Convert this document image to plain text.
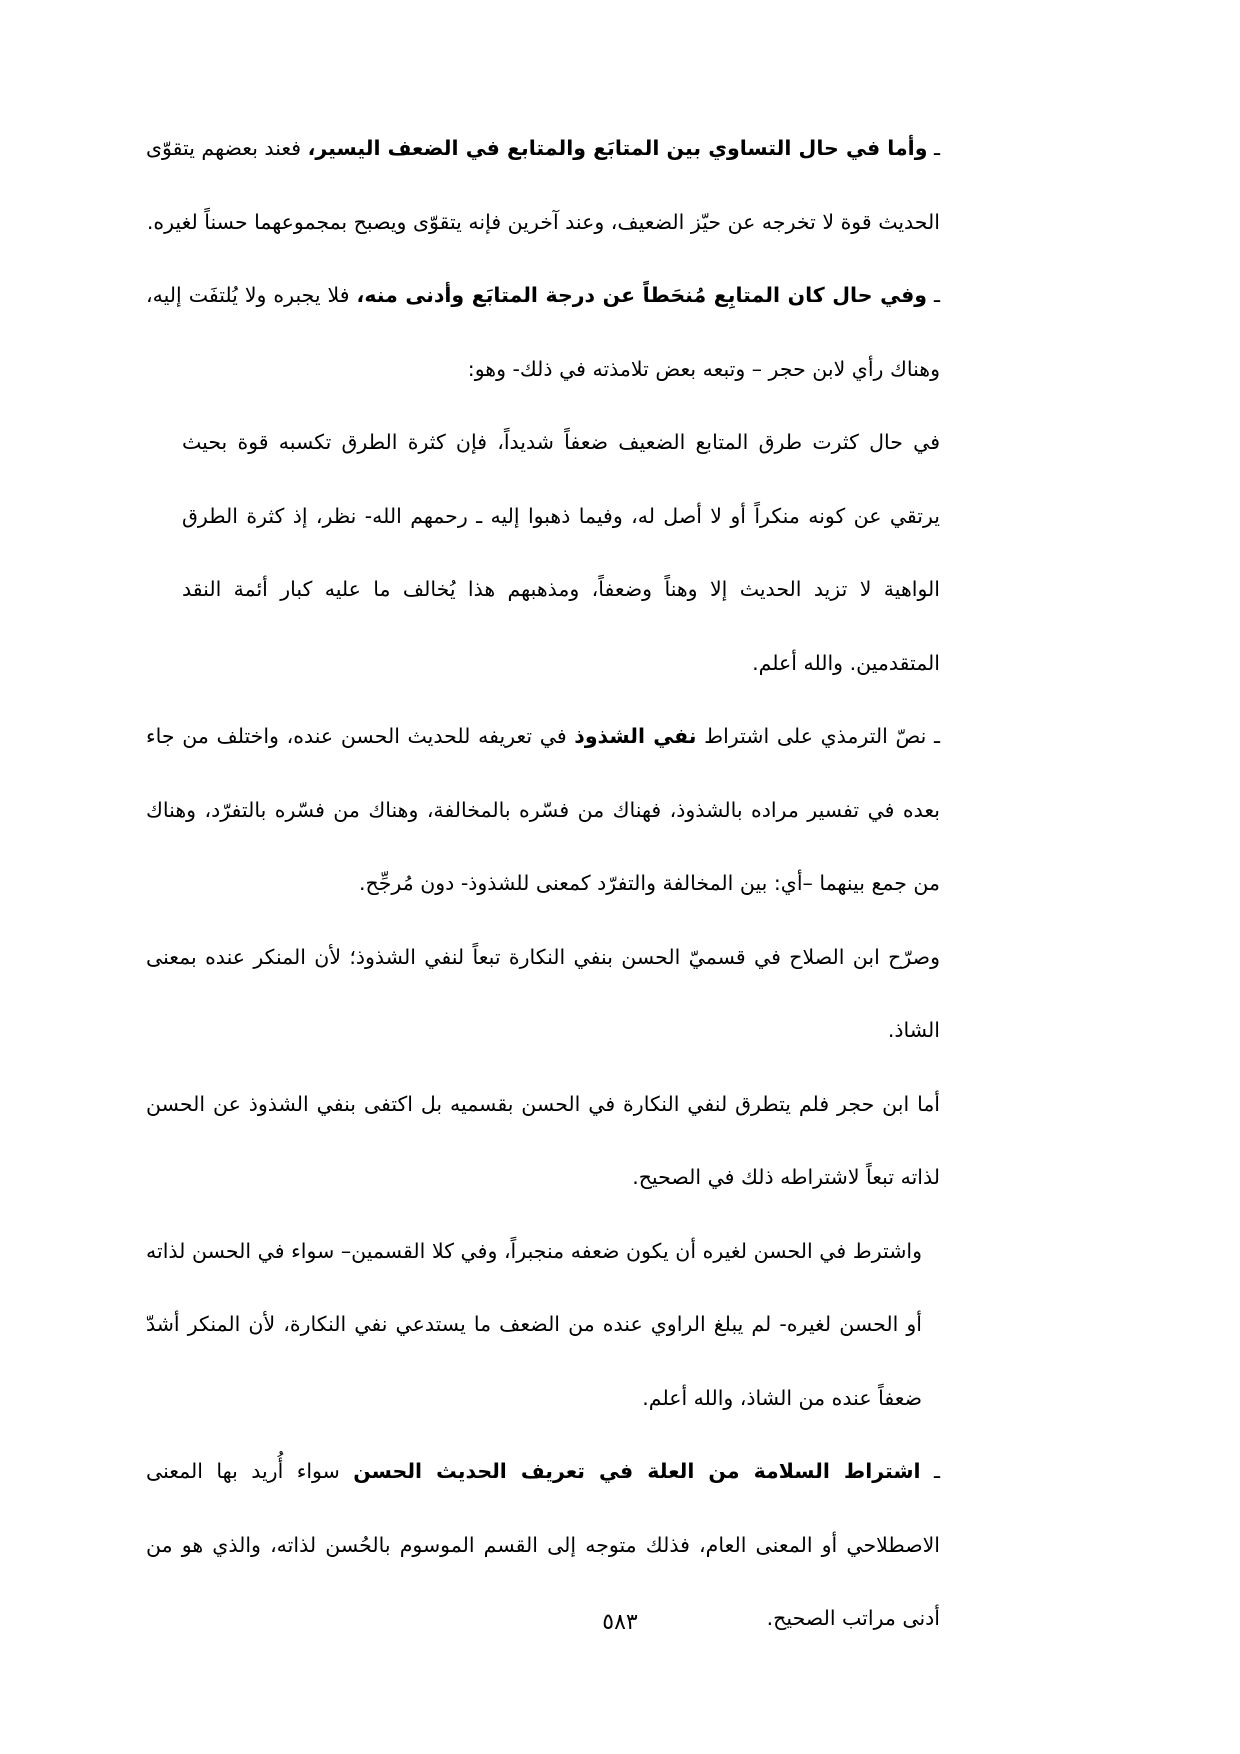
ـ وأما في حال التساوي بين المتابَع والمتابع في الضعف اليسير، فعند بعضهم يتقوّى الحديث قوة لا تخرجه عن حيّز الضعيف، وعند آخرين فإنه يتقوّى ويصبح بمجموعهما حسناً لغيره.

ـ وفي حال كان المتابِع مُنحَطاً عن درجة المتابَع وأدنى منه، فلا يجبره ولا يُلتفَت إليه، وهناك رأي لابن حجر – وتبعه بعض تلامذته في ذلك- وهو:

في حال كثرت طرق المتابع الضعيف ضعفاً شديداً، فإن كثرة الطرق تكسبه قوة بحيث يرتقي عن كونه منكراً أو لا أصل له، وفيما ذهبوا إليه ـ رحمهم الله- نظر، إذ كثرة الطرق الواهية لا تزيد الحديث إلا وهناً وضعفاً، ومذهبهم هذا يُخالف ما عليه كبار أئمة النقد المتقدمين. والله أعلم.

ـ نصّ الترمذي على اشتراط نفي الشذوذ في تعريفه للحديث الحسن عنده، واختلف من جاء بعده في تفسير مراده بالشذوذ، فهناك من فسّره بالمخالفة، وهناك من فسّره بالتفرّد، وهناك من جمع بينهما –أي: بين المخالفة والتفرّد كمعنى للشذوذ- دون مُرجِّح.

وصرّح ابن الصلاح في قسميّ الحسن بنفي النكارة تبعاً لنفي الشذوذ؛ لأن المنكر عنده بمعنى الشاذ.

أما ابن حجر فلم يتطرق لنفي النكارة في الحسن بقسميه بل اكتفى بنفي الشذوذ عن الحسن لذاته تبعاً لاشتراطه ذلك في الصحيح.

واشترط في الحسن لغيره أن يكون ضعفه منجبراً، وفي كلا القسمين– سواء في الحسن لذاته أو الحسن لغيره- لم يبلغ الراوي عنده من الضعف ما يستدعي نفي النكارة، لأن المنكر أشدّ ضعفاً عنده من الشاذ، والله أعلم.

ـ اشتراط السلامة من العلة في تعريف الحديث الحسن سواء أُريد بها المعنى الاصطلاحي أو المعنى العام، فذلك متوجه إلى القسم الموسوم بالحُسن لذاته، والذي هو من أدنى مراتب الصحيح.

٥٨٣
